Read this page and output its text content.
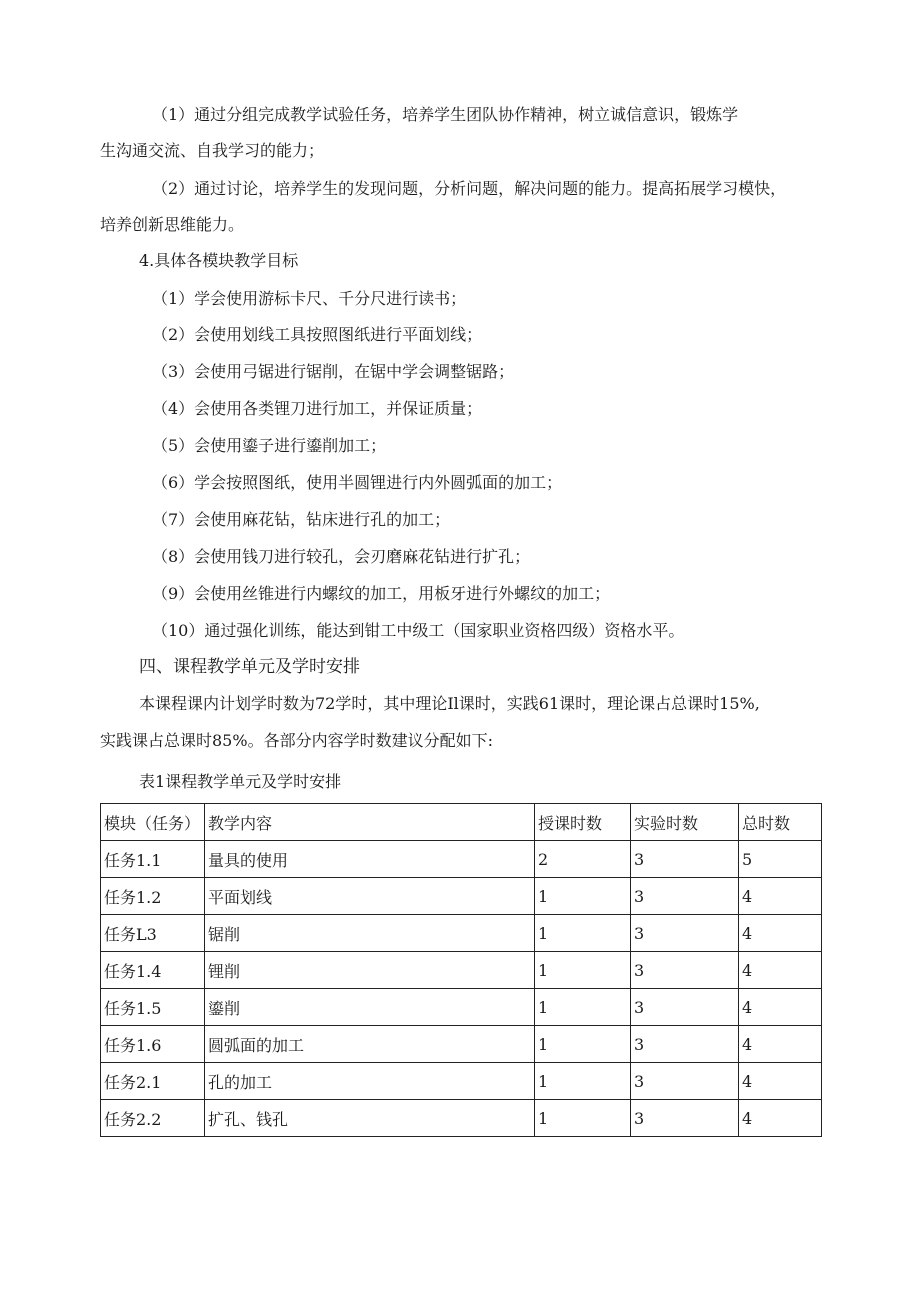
（1）通过分组完成教学试验任务，培养学生团队协作精神，树立诚信意识，锻炼学
生沟通交流、自我学习的能力；
（2）通过讨论，培养学生的发现问题，分析问题，解决问题的能力。提高拓展学习模快，
培养创新思维能力。
4.具体各模块教学目标
（1）学会使用游标卡尺、千分尺进行读书；
（2）会使用划线工具按照图纸进行平面划线；
（3）会使用弓锯进行锯削，在锯中学会调整锯路；
（4）会使用各类锂刀进行加工，并保证质量；
（5）会使用鎏子进行鎏削加工；
（6）学会按照图纸，使用半圆锂进行内外圆弧面的加工；
（7）会使用麻花钻，钻床进行孔的加工；
（8）会使用钱刀进行较孔，会刃磨麻花钻进行扩孔；
（9）会使用丝锥进行内螺纹的加工，用板牙进行外螺纹的加工；
（10）通过强化训练，能达到钳工中级工（国家职业资格四级）资格水平。
四、课程教学单元及学时安排
本课程课内计划学时数为72学时，其中理论Il课时，实践61课时，理论课占总课时15%,
实践课占总课时85%。各部分内容学时数建议分配如下:
表1课程教学单元及学时安排
模块（任务）	教学内容	授课时数	实验时数	总时数
任务1.1	量具的使用	2	3	5
任务1.2	平面划线	1	3	4
任务L3	锯削	1	3	4
任务1.4	锂削	1	3	4
任务1.5	鎏削	1	3	4
任务1.6	圆弧面的加工	1	3	4
任务2.1	孔的加工	1	3	4
任务2.2	扩孔、钱孔	1	3	4
